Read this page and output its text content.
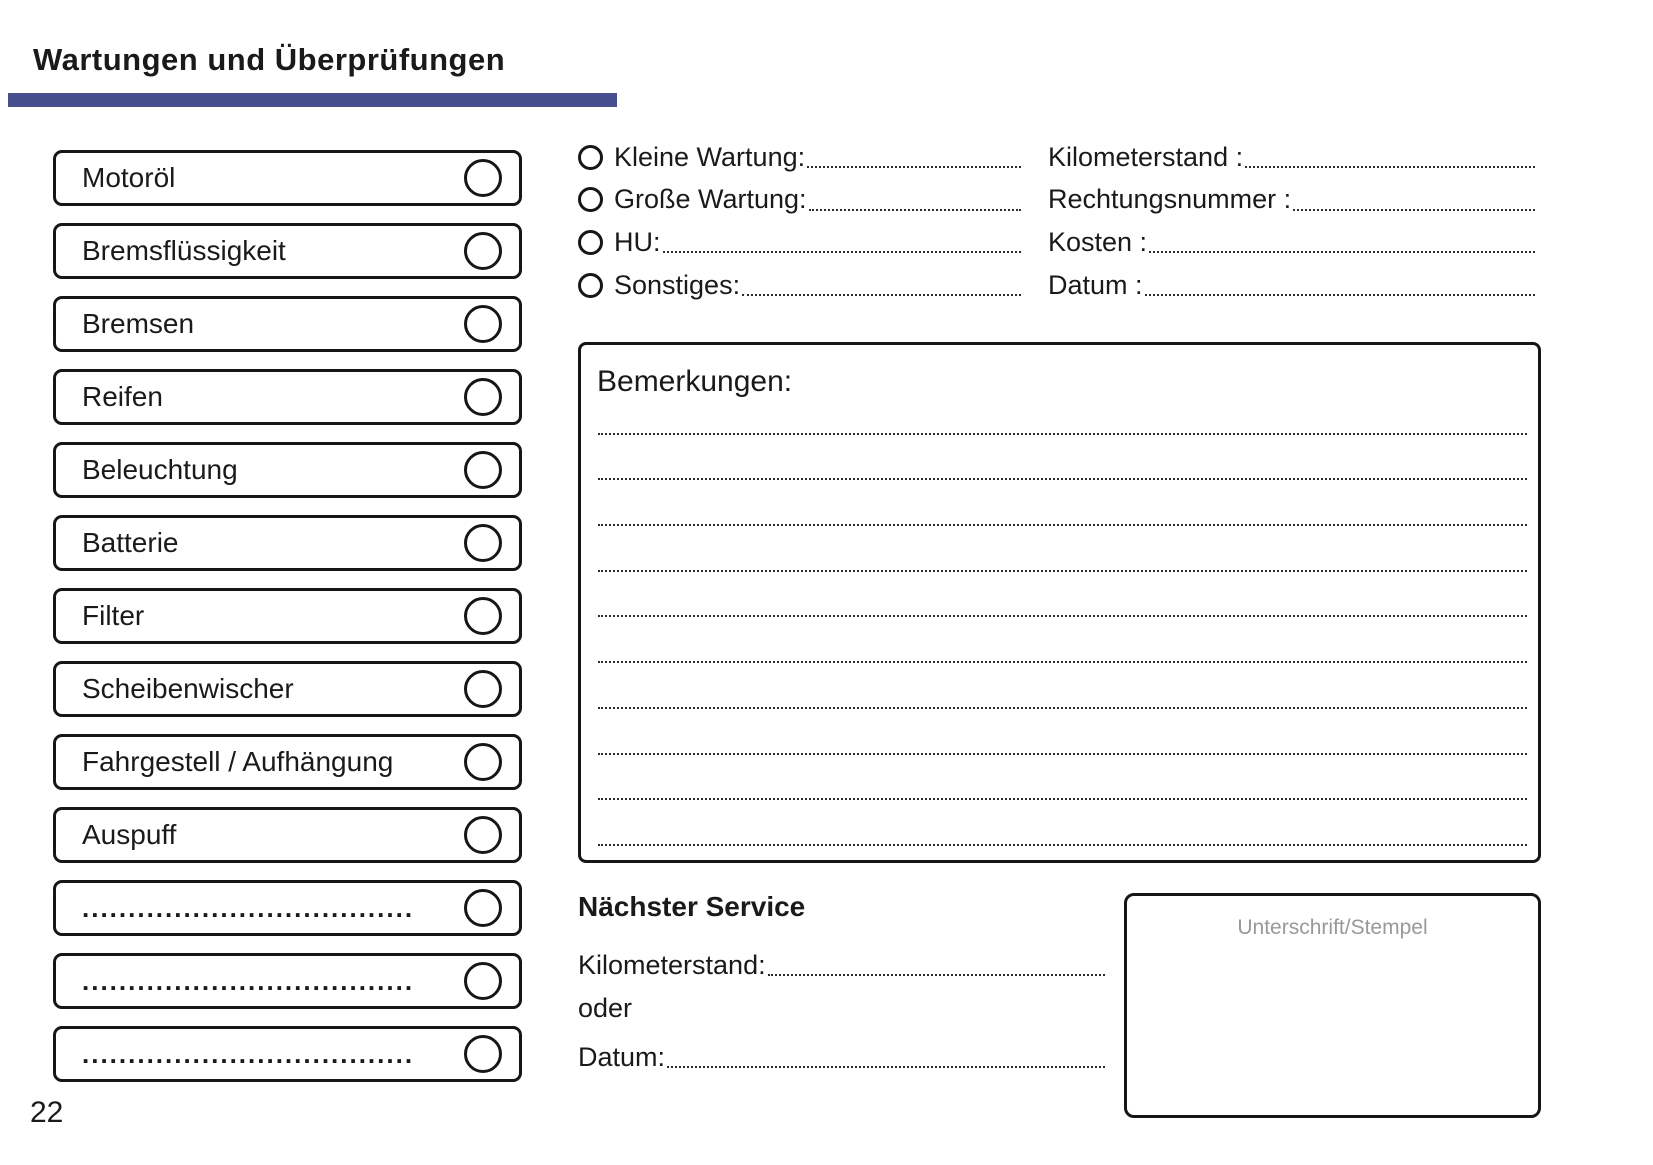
Wartungen und Überprüfungen
Motoröl
Bremsflüssigkeit
Bremsen
Reifen
Beleuchtung
Batterie
Filter
Scheibenwischer
Fahrgestell / Aufhängung
Auspuff
....................................
....................................
....................................
Kleine Wartung:
Große Wartung:
HU:
Sonstiges:
Kilometerstand :
Rechtungsnummer :
Kosten :
Datum :
Bemerkungen:
Nächster Service
Kilometerstand:
oder
Datum:
Unterschrift/Stempel
22
